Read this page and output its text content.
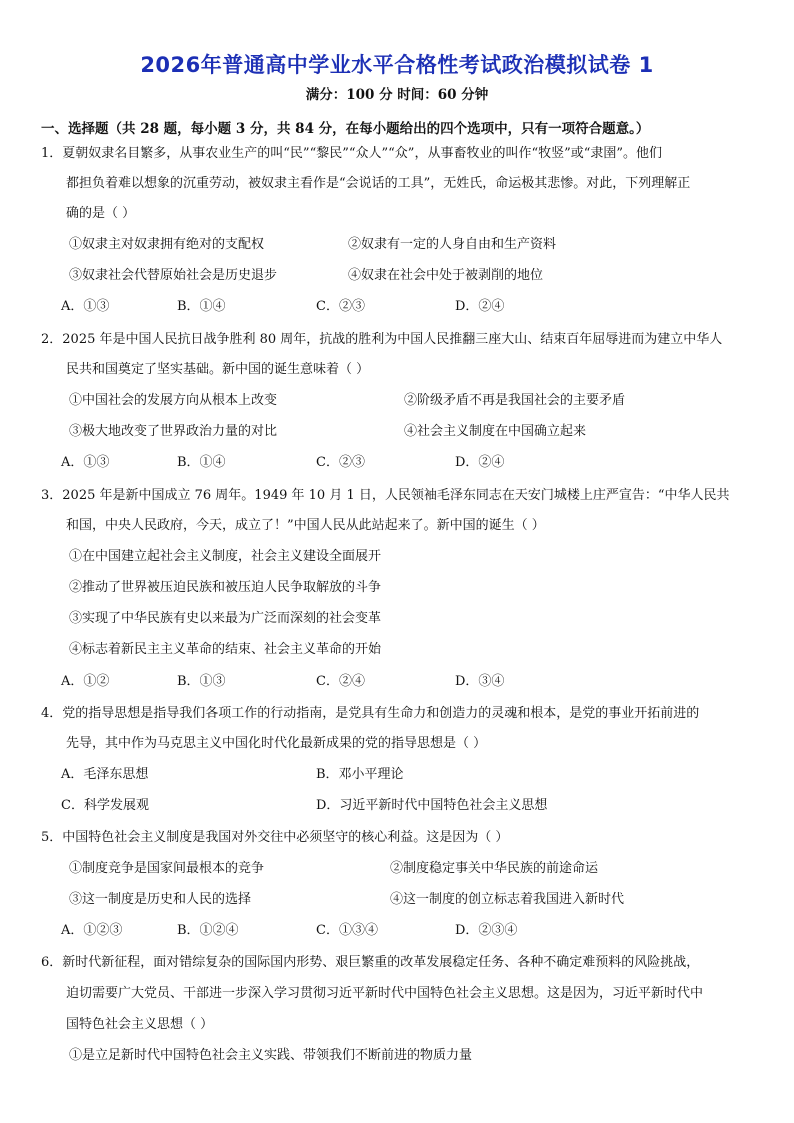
2026年普通高中学业水平合格性考试政治模拟试卷 1
满分：100 分 时间：60 分钟
一、选择题（共 28 题，每小题 3 分，共 84 分，在每小题给出的四个选项中，只有一项符合题意。）
1．夏朝奴隶名目繁多，从事农业生产的叫“民”“黎民”“众人”“众”，从事畜牧业的叫作“牧竖”或“隶圉”。他们
都担负着难以想象的沉重劳动，被奴隶主看作是“会说话的工具”，无姓氏，命运极其悲惨。对此，下列理解正
确的是（ ）
①奴隶主对奴隶拥有绝对的支配权	②奴隶有一定的人身自由和生产资料
③奴隶社会代替原始社会是历史退步	④奴隶在社会中处于被剥削的地位
A．①③	B．①④	C．②③	D．②④
2．2025 年是中国人民抗日战争胜利 80 周年，抗战的胜利为中国人民推翻三座大山、结束百年屈辱进而为建立中华人
民共和国奠定了坚实基础。新中国的诞生意味着（ ）
①中国社会的发展方向从根本上改变	②阶级矛盾不再是我国社会的主要矛盾
③极大地改变了世界政治力量的对比	④社会主义制度在中国确立起来
A．①③	B．①④	C．②③	D．②④
3．2025 年是新中国成立 76 周年。1949 年 10 月 1 日，人民领袖毛泽东同志在天安门城楼上庄严宣告：“中华人民共
和国，中央人民政府，今天，成立了！”中国人民从此站起来了。新中国的诞生（ ）
①在中国建立起社会主义制度，社会主义建设全面展开
②推动了世界被压迫民族和被压迫人民争取解放的斗争
③实现了中华民族有史以来最为广泛而深刻的社会变革
④标志着新民主主义革命的结束、社会主义革命的开始
A．①②	B．①③	C．②④	D．③④
4．党的指导思想是指导我们各项工作的行动指南，是党具有生命力和创造力的灵魂和根本，是党的事业开拓前进的
先导，其中作为马克思主义中国化时代化最新成果的党的指导思想是（ ）
A．毛泽东思想	B．邓小平理论
C．科学发展观	D．习近平新时代中国特色社会主义思想
5．中国特色社会主义制度是我国对外交往中必须坚守的核心利益。这是因为（ ）
①制度竞争是国家间最根本的竞争	②制度稳定事关中华民族的前途命运
③这一制度是历史和人民的选择	④这一制度的创立标志着我国进入新时代
A．①②③	B．①②④	C．①③④	D．②③④
6．新时代新征程，面对错综复杂的国际国内形势、艰巨繁重的改革发展稳定任务、各种不确定难预料的风险挑战，
迫切需要广大党员、干部进一步深入学习贯彻习近平新时代中国特色社会主义思想。这是因为，习近平新时代中
国特色社会主义思想（ ）
①是立足新时代中国特色社会主义实践、带领我们不断前进的物质力量
